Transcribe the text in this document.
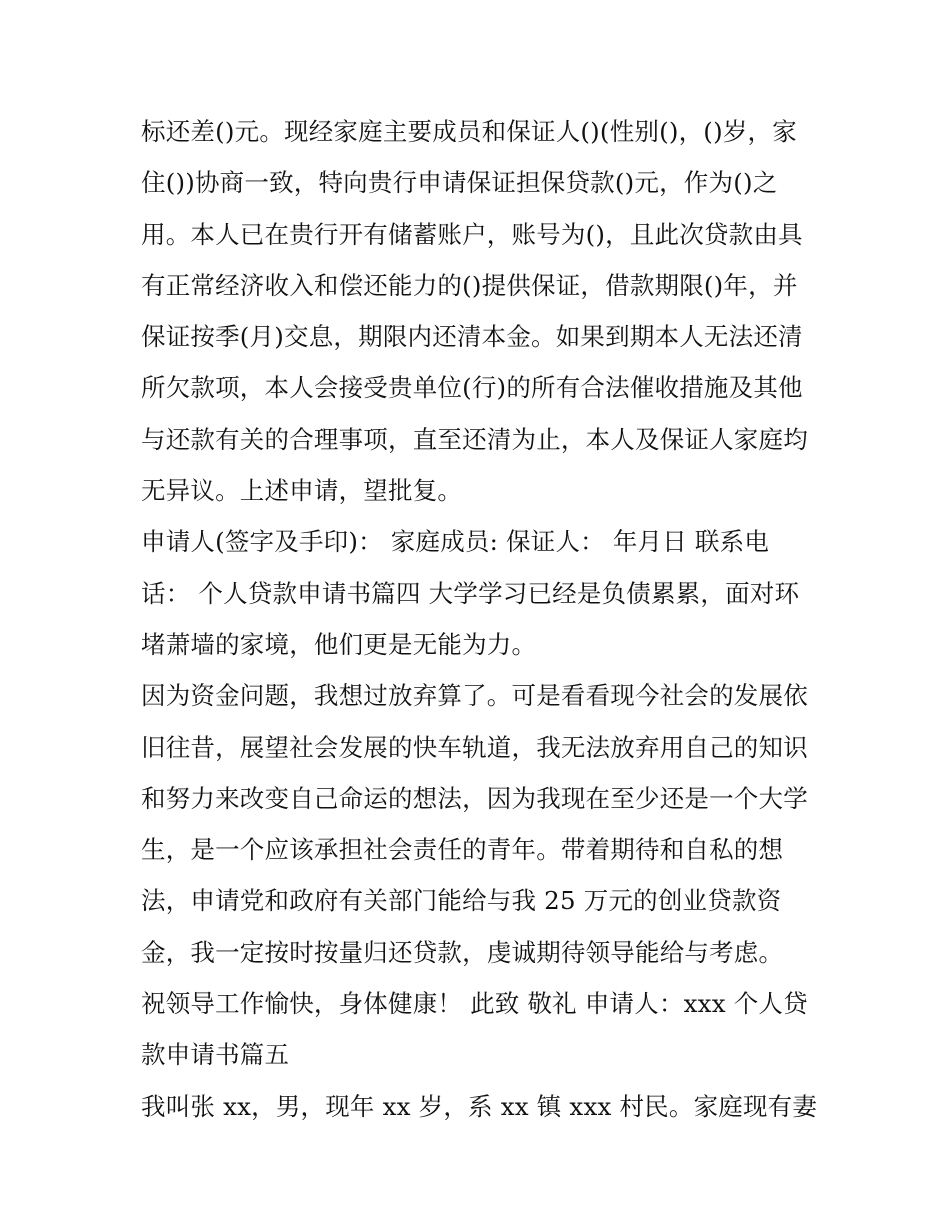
标还差()元。现经家庭主要成员和保证人()(性别()，()岁，家
住())协商一致，特向贵行申请保证担保贷款()元，作为()之
用。本人已在贵行开有储蓄账户，账号为()，且此次贷款由具
有正常经济收入和偿还能力的()提供保证，借款期限()年，并
保证按季(月)交息，期限内还清本金。如果到期本人无法还清
所欠款项，本人会接受贵单位(行)的所有合法催收措施及其他
与还款有关的合理事项，直至还清为止，本人及保证人家庭均
无异议。上述申请，望批复。
申请人(签字及手印)： 家庭成员: 保证人： 年月日 联系电
话： 个人贷款申请书篇四 大学学习已经是负债累累，面对环
堵萧墙的家境，他们更是无能为力。
因为资金问题，我想过放弃算了。可是看看现今社会的发展依
旧往昔，展望社会发展的快车轨道，我无法放弃用自己的知识
和努力来改变自己命运的想法，因为我现在至少还是一个大学
生，是一个应该承担社会责任的青年。带着期待和自私的想
法，申请党和政府有关部门能给与我 25 万元的创业贷款资
金，我一定按时按量归还贷款，虔诚期待领导能给与考虑。
祝领导工作愉快，身体健康！ 此致 敬礼 申请人：xxx 个人贷
款申请书篇五
我叫张 xx，男，现年 xx 岁，系 xx 镇 xxx 村民。家庭现有妻
